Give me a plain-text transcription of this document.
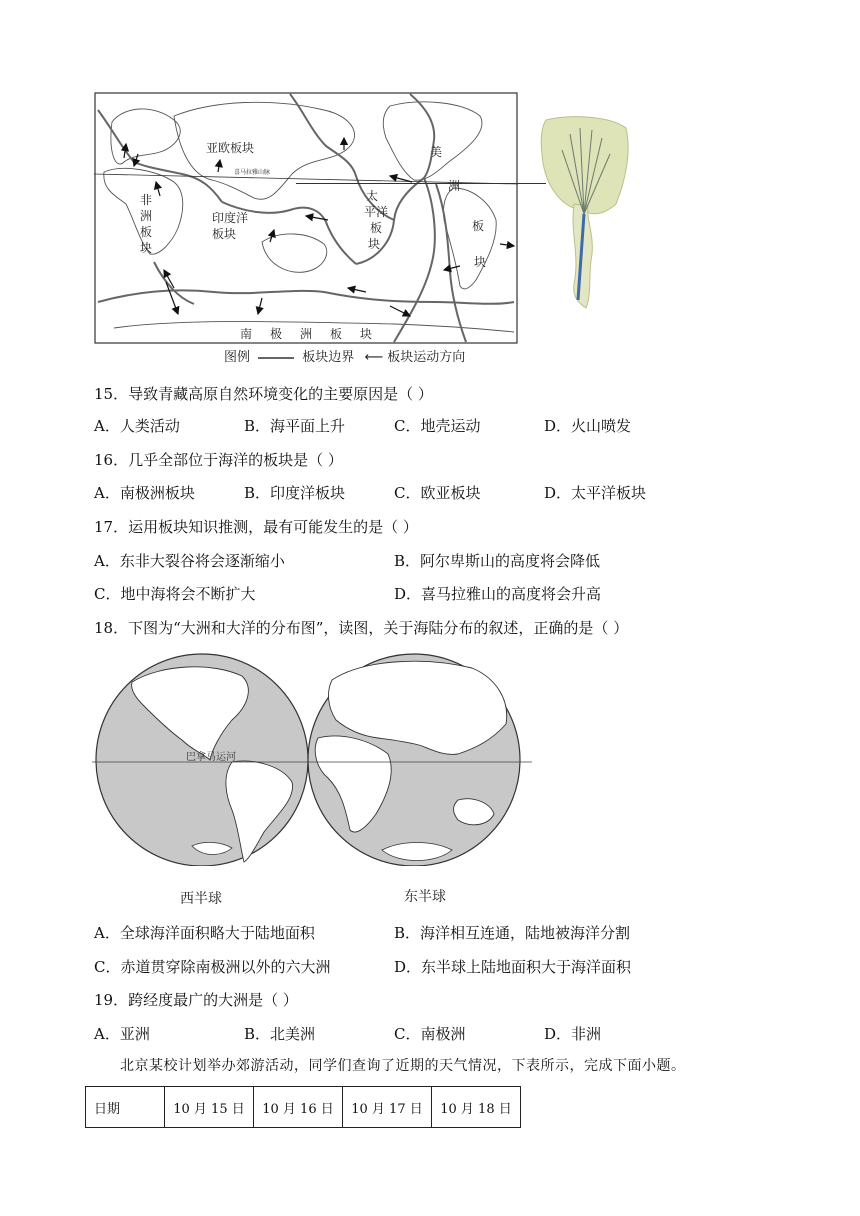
亚欧板块
喜马拉雅山脉
美
非
洲
板
块
印度洋
板块
太
平洋
板
块
洲
板
块
南极洲板块
图例	板块边界 ⟵ 板块运动方向
15．导致青藏高原自然环境变化的主要原因是（ ）
A．人类活动	B．海平面上升	C．地壳运动	D．火山喷发
16．几乎全部位于海洋的板块是（ ）
A．南极洲板块	B．印度洋板块	C．欧亚板块	D．太平洋板块
17．运用板块知识推测，最有可能发生的是（ ）
A．东非大裂谷将会逐渐缩小	B．阿尔卑斯山的高度将会降低
C．地中海将会不断扩大	D．喜马拉雅山的高度将会升高
18．下图为“大洲和大洋的分布图”，读图，关于海陆分布的叙述，正确的是（ ）
巴拿马运河
西半球	东半球
A．全球海洋面积略大于陆地面积	B．海洋相互连通，陆地被海洋分割
C．赤道贯穿除南极洲以外的六大洲	D．东半球上陆地面积大于海洋面积
19．跨经度最广的大洲是（ ）
A．亚洲	B．北美洲	C．南极洲	D．非洲
北京某校计划举办郊游活动，同学们查询了近期的天气情况，下表所示，完成下面小题。
日期	10 月 15 日	10 月 16 日	10 月 17 日	10 月 18 日
